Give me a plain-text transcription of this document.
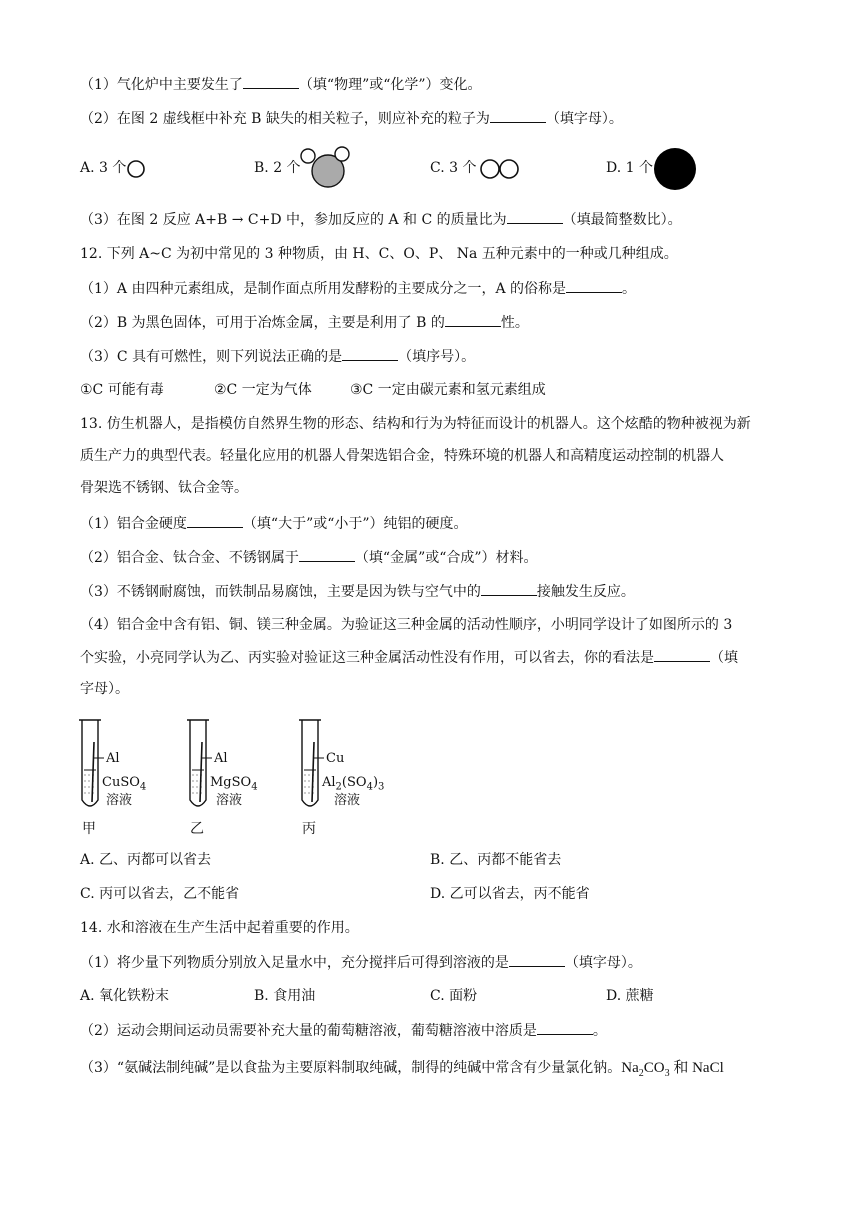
（1）气化炉中主要发生了	（填“物理”或“化学”）变化。
（2）在图 2 虚线框中补充 B 缺失的相关粒子，则应补充的粒子为	（填字母）。
A. 3 个	B. 2 个	C. 3 个	D. 1 个
（3）在图 2 反应 A+B → C+D 中，参加反应的 A 和 C 的质量比为	（填最简整数比）。
12. 下列 A~C 为初中常见的 3 种物质，由 H、C、O、P、 Na 五种元素中的一种或几种组成。
（1）A 由四种元素组成，是制作面点所用发酵粉的主要成分之一，A 的俗称是	。
（2）B 为黑色固体，可用于冶炼金属，主要是利用了 B 的	性。
（3）C 具有可燃性，则下列说法正确的是	（填序号）。
①C 可能有毒	②C 一定为气体	③C 一定由碳元素和氢元素组成
13. 仿生机器人，是指模仿自然界生物的形态、结构和行为为特征而设计的机器人。这个炫酷的物种被视为新
质生产力的典型代表。轻量化应用的机器人骨架选铝合金，特殊环境的机器人和高精度运动控制的机器人
骨架选不锈钢、钛合金等。
（1）铝合金硬度	（填“大于”或“小于”）纯铝的硬度。
（2）铝合金、钛合金、不锈钢属于	（填“金属”或“合成”）材料。
（3）不锈钢耐腐蚀，而铁制品易腐蚀，主要是因为铁与空气中的	接触发生反应。
（4）铝合金中含有铝、铜、镁三种金属。为验证这三种金属的活动性顺序，小明同学设计了如图所示的 3
个实验，小亮同学认为乙、丙实验对验证这三种金属活动性没有作用，可以省去，你的看法是	（填
字母）。
Al
CuSO$_4$
溶液
Al
MgSO$_4$
溶液
Cu
$Al_2(SO_4)_3$
溶液
甲	乙	丙
A. 乙、丙都可以省去	B. 乙、丙都不能省去
C. 丙可以省去，乙不能省	D. 乙可以省去，丙不能省
14. 水和溶液在生产生活中起着重要的作用。
（1）将少量下列物质分别放入足量水中，充分搅拌后可得到溶液的是	（填字母）。
A. 氧化铁粉末	B. 食用油	C. 面粉	D. 蔗糖
（2）运动会期间运动员需要补充大量的葡萄糖溶液，葡萄糖溶液中溶质是	。
（3）“氨碱法制纯碱”是以食盐为主要原料制取纯碱，制得的纯碱中常含有少量氯化钠。$Na_2CO_3$ 和 NaCl
